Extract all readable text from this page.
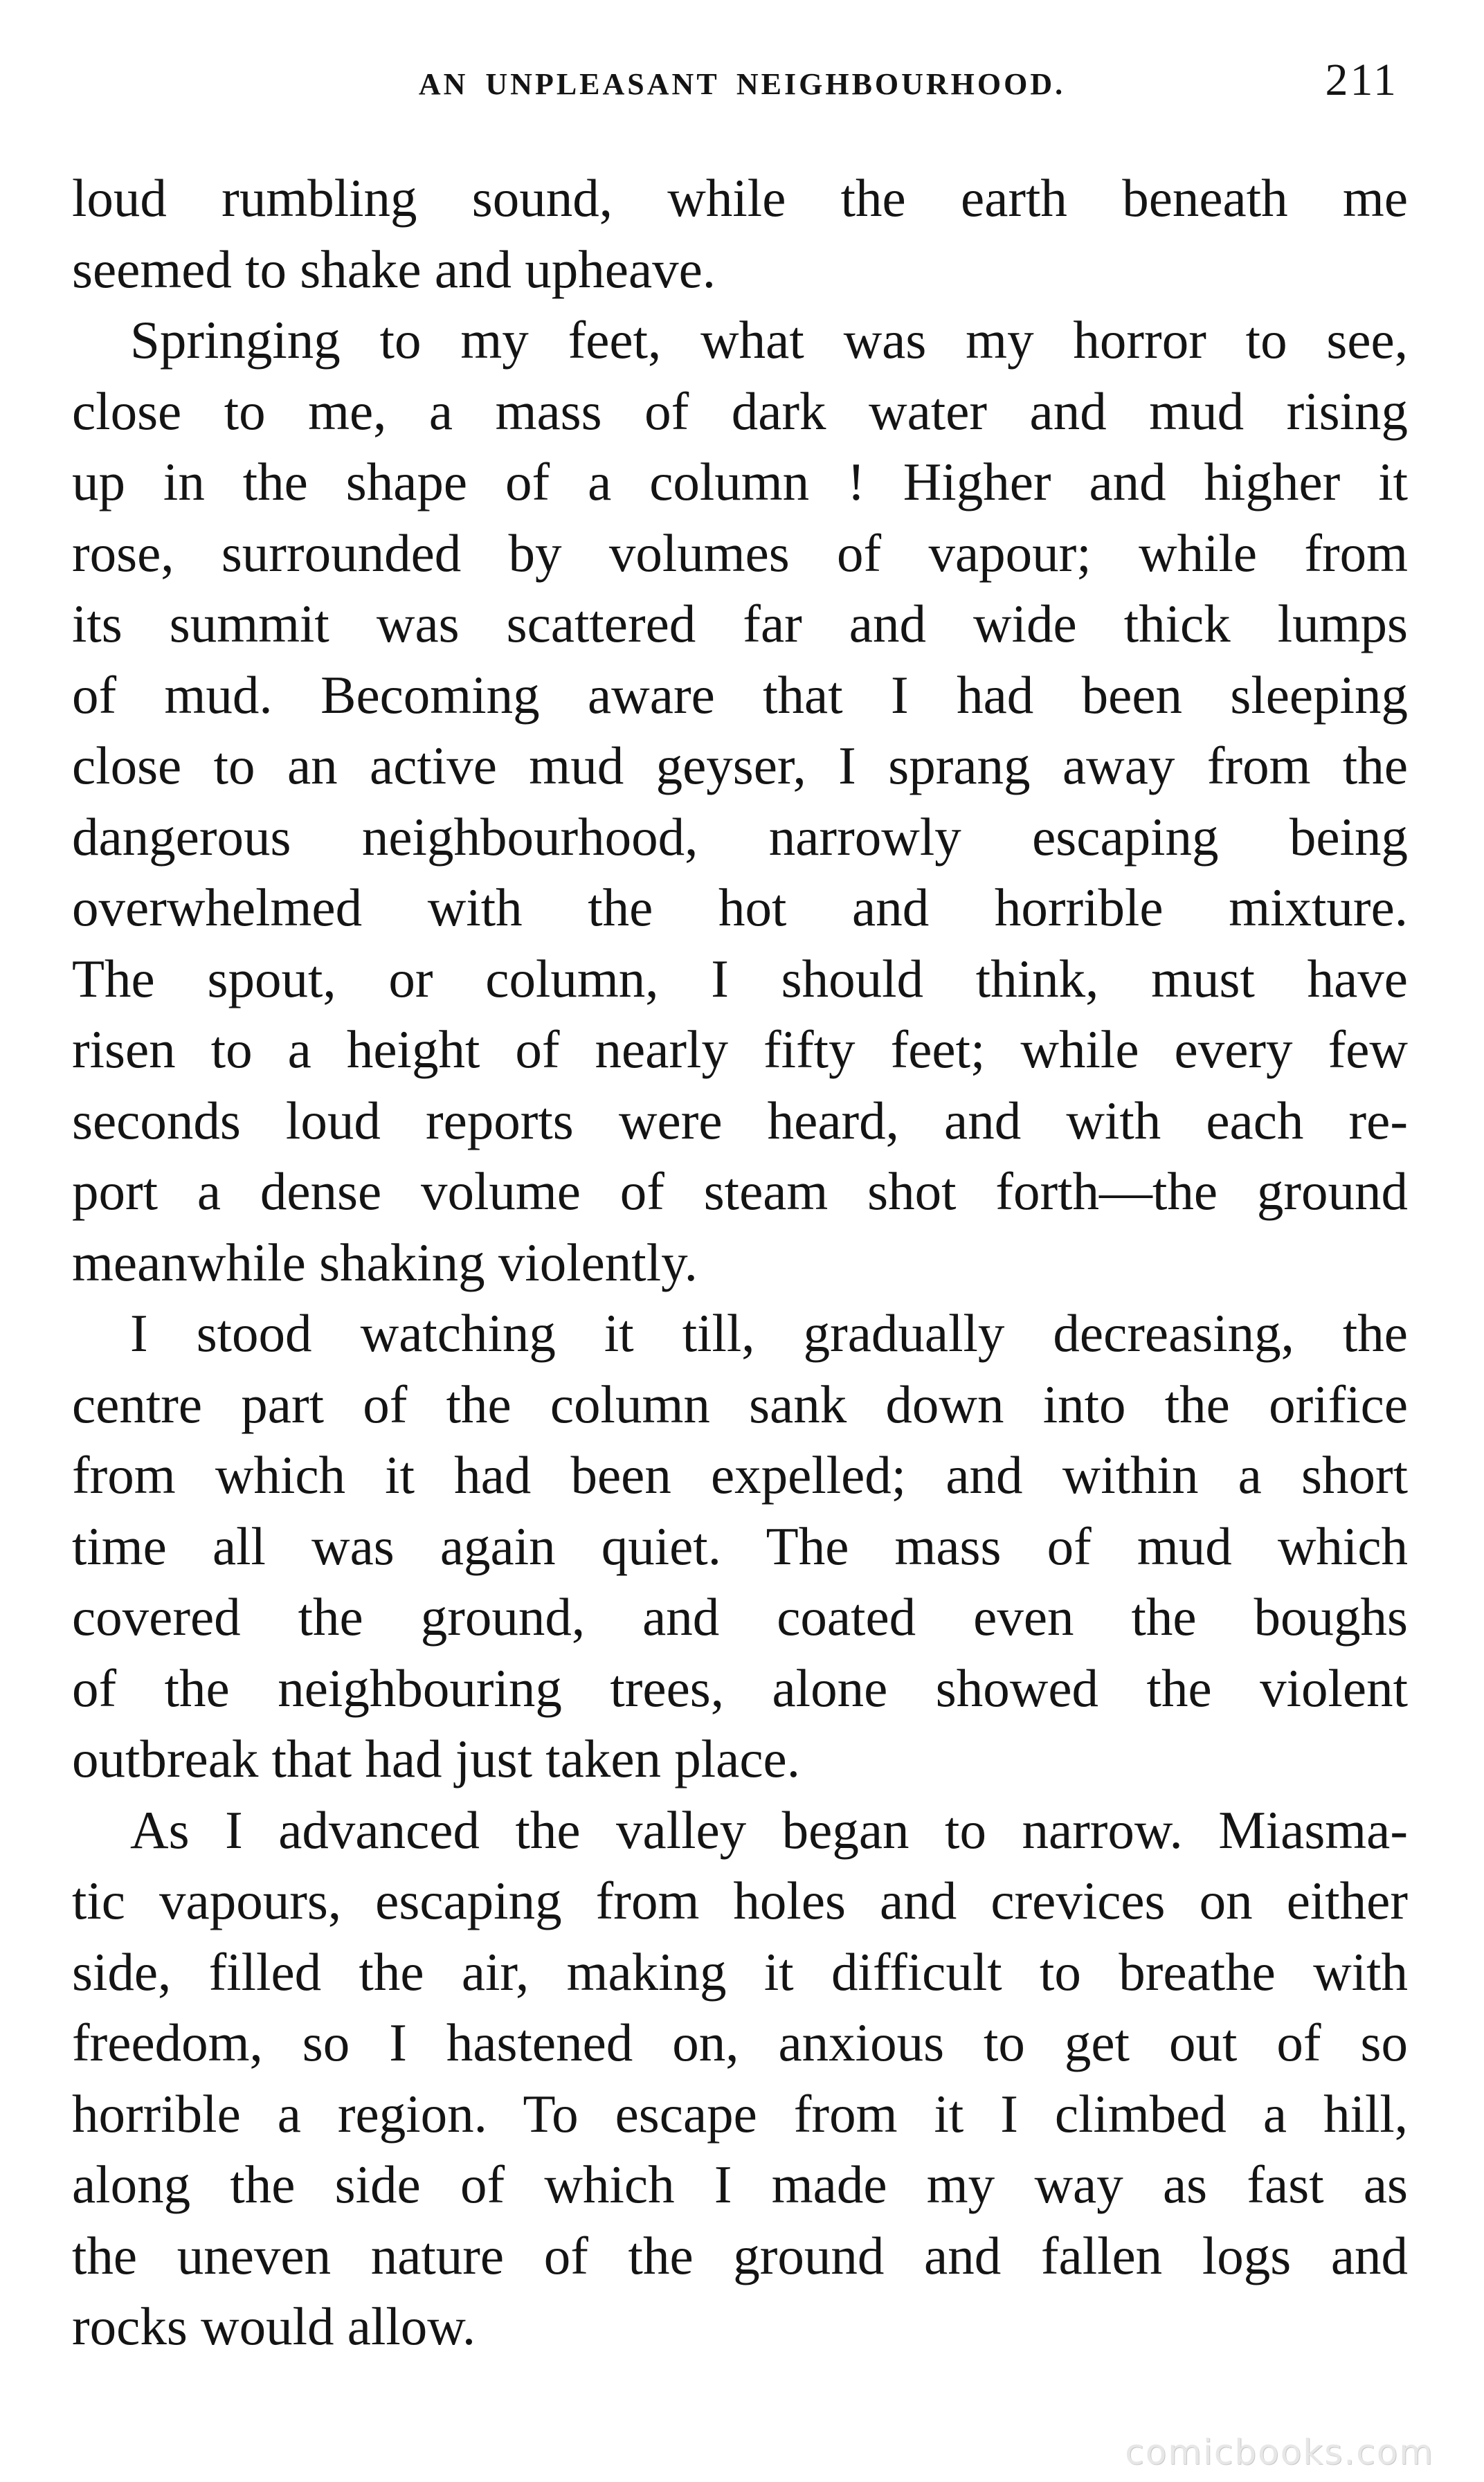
AN UNPLEASANT NEIGHBOURHOOD.	211
loud rumbling sound, while the earth beneath me
seemed to shake and upheave.
Springing to my feet, what was my horror to see,
close to me, a mass of dark water and mud rising
up in the shape of a column ! Higher and higher it
rose, surrounded by volumes of vapour; while from
its summit was scattered far and wide thick lumps
of mud. Becoming aware that I had been sleeping
close to an active mud geyser, I sprang away from the
dangerous neighbourhood, narrowly escaping being
overwhelmed with the hot and horrible mixture.
The spout, or column, I should think, must have
risen to a height of nearly fifty feet; while every few
seconds loud reports were heard, and with each re-
port a dense volume of steam shot forth—the ground
meanwhile shaking violently.
I stood watching it till, gradually decreasing, the
centre part of the column sank down into the orifice
from which it had been expelled; and within a short
time all was again quiet. The mass of mud which
covered the ground, and coated even the boughs
of the neighbouring trees, alone showed the violent
outbreak that had just taken place.
As I advanced the valley began to narrow. Miasma-
tic vapours, escaping from holes and crevices on either
side, filled the air, making it difficult to breathe with
freedom, so I hastened on, anxious to get out of so
horrible a region. To escape from it I climbed a hill,
along the side of which I made my way as fast as
the uneven nature of the ground and fallen logs and
rocks would allow.
comicbooks.com
